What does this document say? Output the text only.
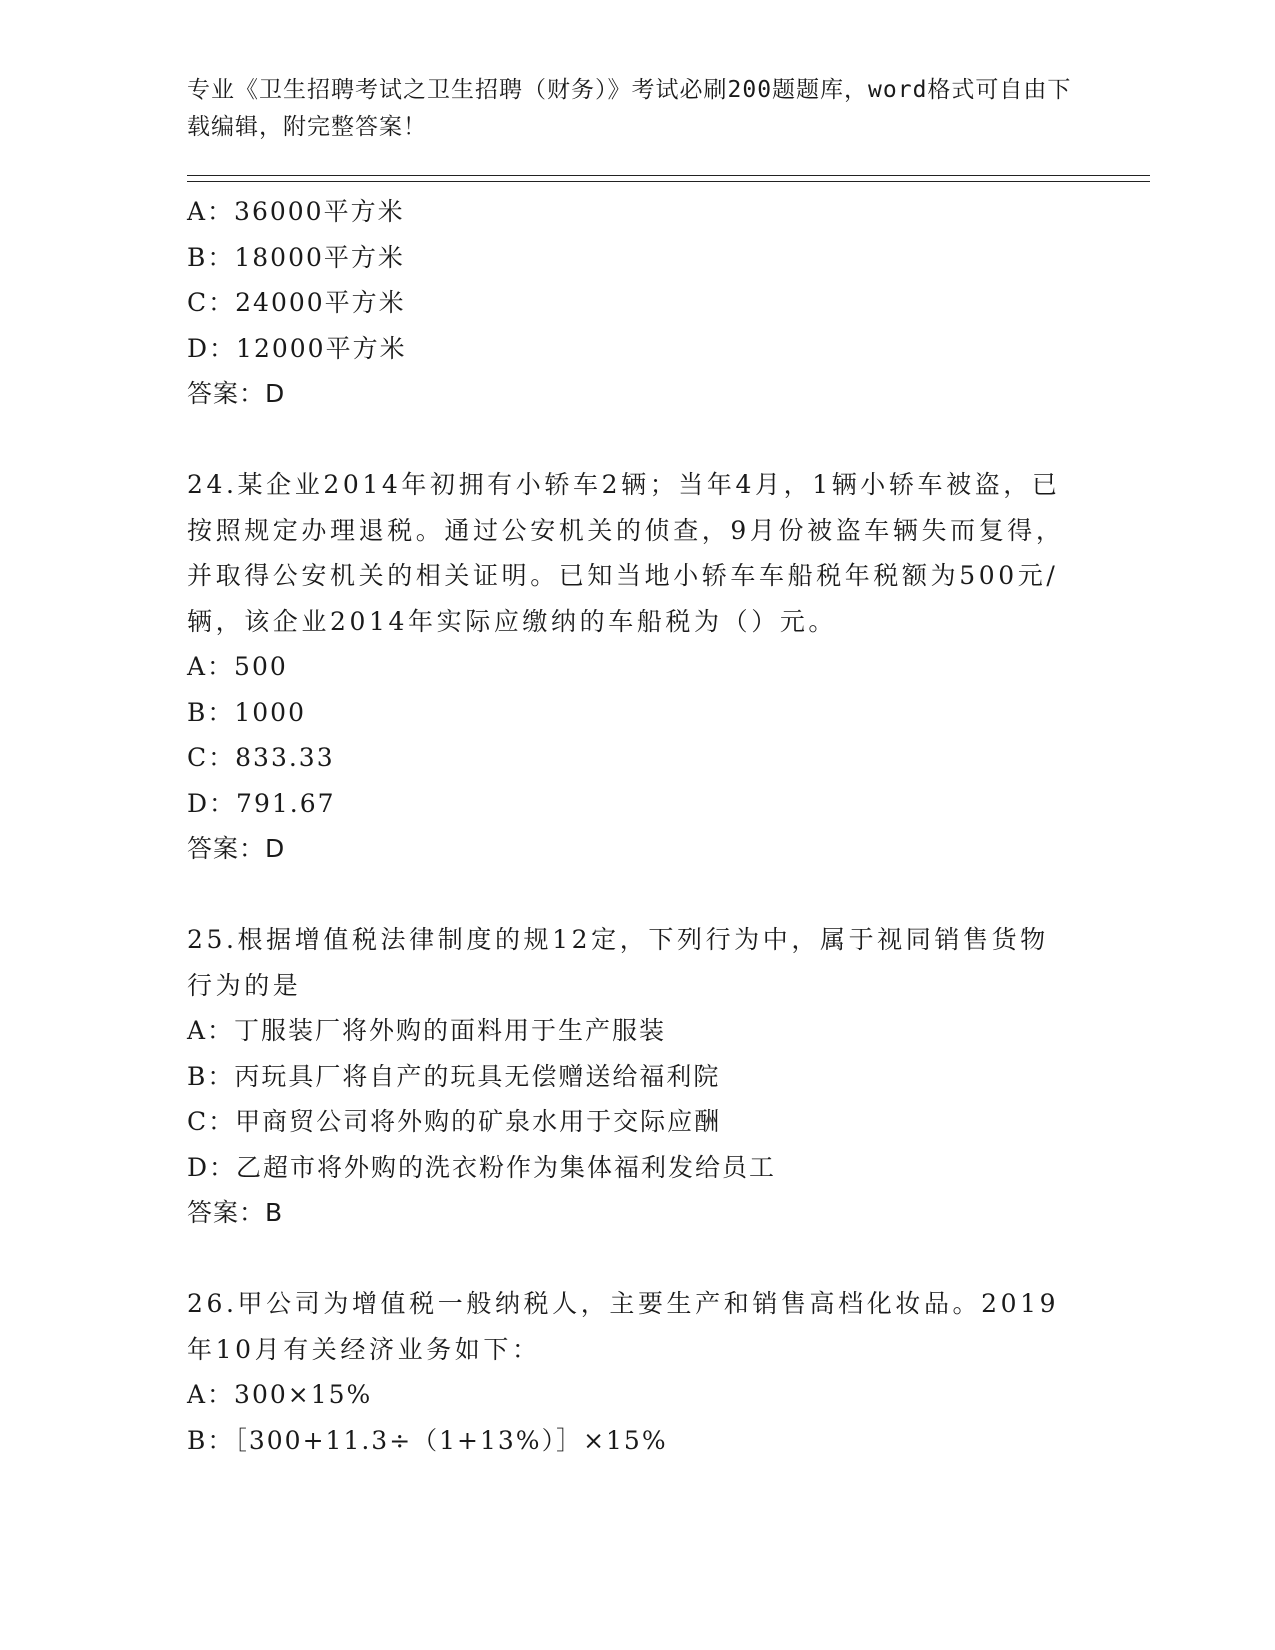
专业《卫生招聘考试之卫生招聘（财务）》考试必刷200题题库，word格式可自由下载编辑，附完整答案！
A：36000平方米
B：18000平方米
C：24000平方米
D：12000平方米
答案：D
24.某企业2014年初拥有小轿车2辆；当年4月，1辆小轿车被盗，已
按照规定办理退税。通过公安机关的侦查，9月份被盗车辆失而复得，
并取得公安机关的相关证明。已知当地小轿车车船税年税额为500元/
辆，该企业2014年实际应缴纳的车船税为（）元。
A：500
B：1000
C：833.33
D：791.67
答案：D
25.根据增值税法律制度的规12定，下列行为中，属于视同销售货物
行为的是
A：丁服装厂将外购的面料用于生产服装
B：丙玩具厂将自产的玩具无偿赠送给福利院
C：甲商贸公司将外购的矿泉水用于交际应酬
D：乙超市将外购的洗衣粉作为集体福利发给员工
答案：B
26.甲公司为增值税一般纳税人，主要生产和销售高档化妆品。2019
年10月有关经济业务如下：
A：300×15%
B：［300+11.3÷（1+13%）］×15%
